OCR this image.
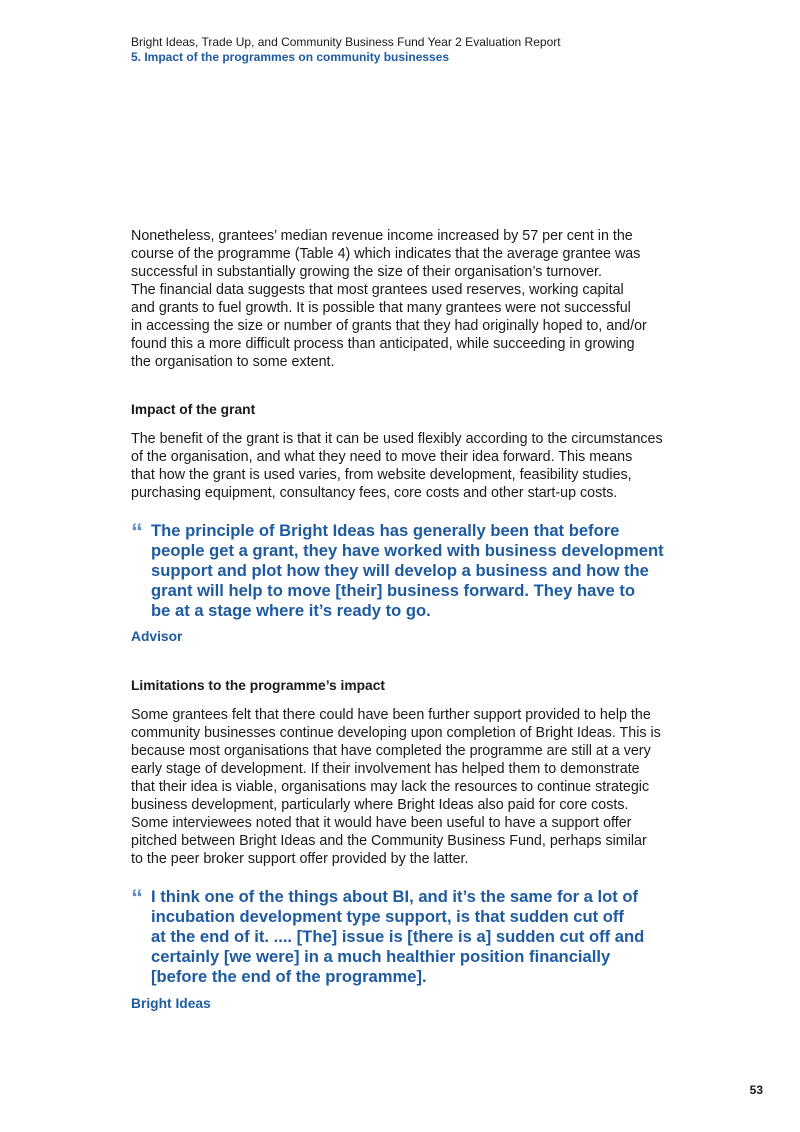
Bright Ideas, Trade Up, and Community Business Fund Year 2 Evaluation Report
5. Impact of the programmes on community businesses
Nonetheless, grantees’ median revenue income increased by 57 per cent in the
course of the programme (Table 4) which indicates that the average grantee was
successful in substantially growing the size of their organisation’s turnover.
The financial data suggests that most grantees used reserves, working capital
and grants to fuel growth. It is possible that many grantees were not successful
in accessing the size or number of grants that they had originally hoped to, and/or
found this a more difficult process than anticipated, while succeeding in growing
the organisation to some extent.
Impact of the grant
The benefit of the grant is that it can be used flexibly according to the circumstances
of the organisation, and what they need to move their idea forward. This means
that how the grant is used varies, from website development, feasibility studies,
purchasing equipment, consultancy fees, core costs and other start-up costs.
“ The principle of Bright Ideas has generally been that before
people get a grant, they have worked with business development
support and plot how they will develop a business and how the
grant will help to move [their] business forward. They have to
be at a stage where it’s ready to go.
Advisor
Limitations to the programme’s impact
Some grantees felt that there could have been further support provided to help the
community businesses continue developing upon completion of Bright Ideas. This is
because most organisations that have completed the programme are still at a very
early stage of development. If their involvement has helped them to demonstrate
that their idea is viable, organisations may lack the resources to continue strategic
business development, particularly where Bright Ideas also paid for core costs.
Some interviewees noted that it would have been useful to have a support offer
pitched between Bright Ideas and the Community Business Fund, perhaps similar
to the peer broker support offer provided by the latter.
“ I think one of the things about BI, and it’s the same for a lot of
incubation development type support, is that sudden cut off
at the end of it. .... [The] issue is [there is a] sudden cut off and
certainly [we were] in a much healthier position financially
[before the end of the programme].
Bright Ideas
53
